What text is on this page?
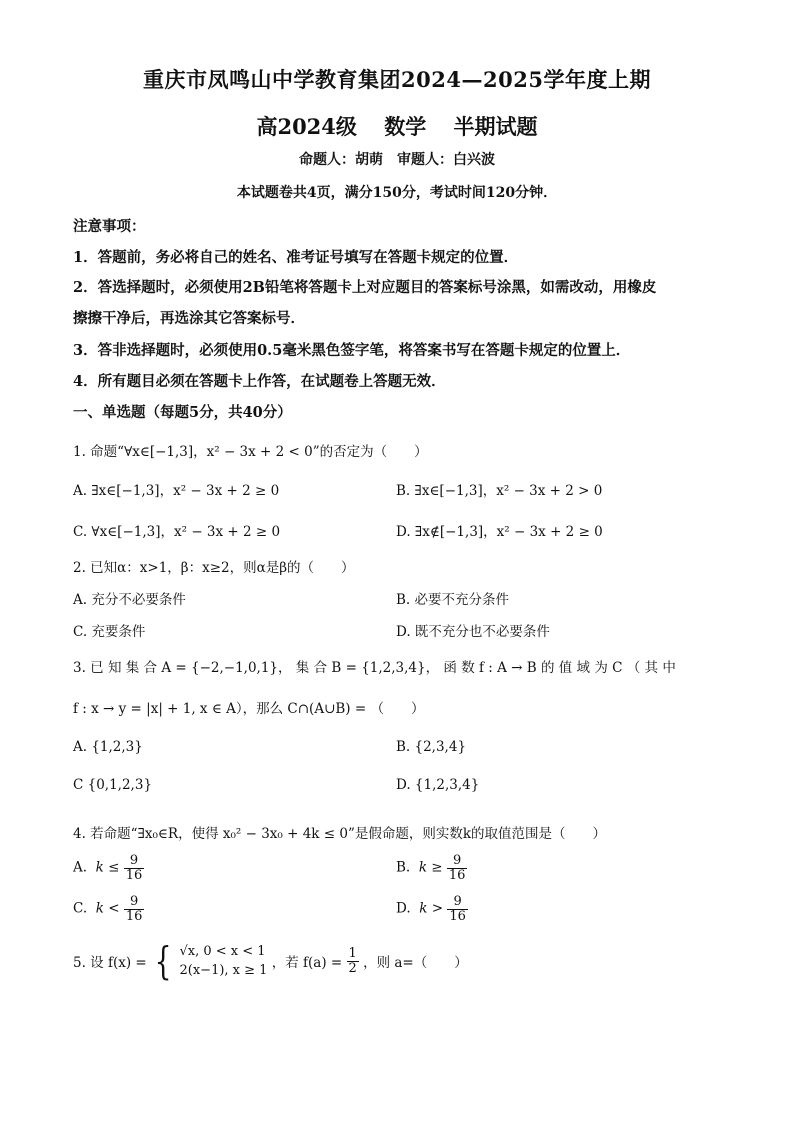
重庆市凤鸣山中学教育集团2024—2025学年度上期
高2024级 数学 半期试题
命题人：胡萌　审题人：白兴波
本试题卷共4页，满分150分，考试时间120分钟．
注意事项：
1．答题前，务必将自己的姓名、准考证号填写在答题卡规定的位置．
2．答选择题时，必须使用2B铅笔将答题卡上对应题目的答案标号涂黑，如需改动，用橡皮
擦擦干净后，再选涂其它答案标号．
3．答非选择题时，必须使用0.5毫米黑色签字笔，将答案书写在答题卡规定的位置上．
4．所有题目必须在答题卡上作答，在试题卷上答题无效．
一、单选题（每题5分，共40分）
1. 命题“∀x∈[−1,3]，x² − 3x + 2 < 0”的否定为（　　）
A. ∃x∈[−1,3]，x² − 3x + 2 ≥ 0	B. ∃x∈[−1,3]，x² − 3x + 2 > 0
C. ∀x∈[−1,3]，x² − 3x + 2 ≥ 0	D. ∃x∉[−1,3]，x² − 3x + 2 ≥ 0
2. 已知α：x>1，β：x≥2，则α是β的（　　）
A. 充分不必要条件	B. 必要不充分条件
C. 充要条件	D. 既不充分也不必要条件
3. 已 知 集 合 A = {−2,−1,0,1}， 集 合 B = {1,2,3,4}， 函 数 f : A → B 的 值 域 为 C （ 其 中
f : x → y = |x| + 1, x ∈ A），那么 C∩(A∪B) = （　　）
A. {1,2,3}	B. {2,3,4}
C {0,1,2,3}	D. {1,2,3,4}
4. 若命题“∃x₀∈R，使得 x₀² − 3x₀ + 4k ≤ 0”是假命题，则实数k的取值范围是（　　）
A. $k \le \frac{9}{16}$	B. $k \ge \frac{9}{16}$
C. $k < \frac{9}{16}$	D. $k > \frac{9}{16}$
5. 设 f(x) = { √x, 0 < x < 1
2(x−1), x ≥ 1 ，若 $f(a) = \frac{1}{2}$ ，则 a=（　　）
